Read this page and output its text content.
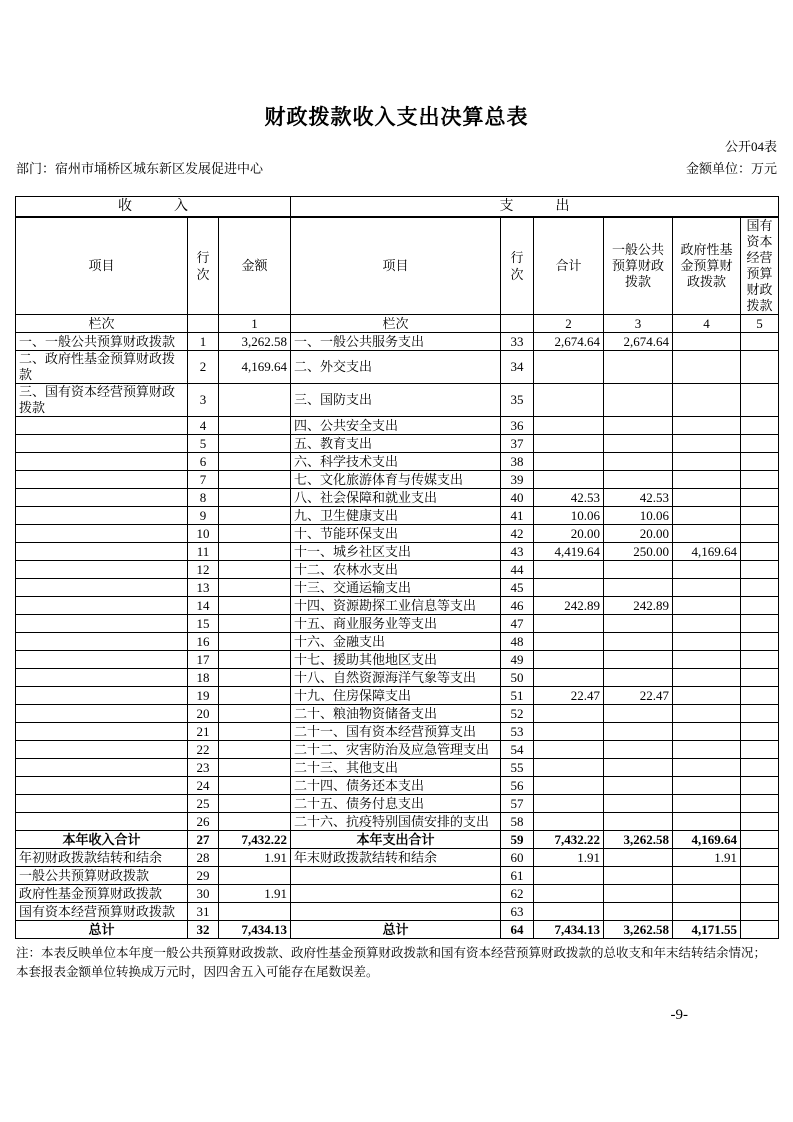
财政拨款收入支出决算总表
公开04表
部门：宿州市埇桥区城东新区发展促进中心	金额单位：万元
收　　　入			支　　　出					
项目	行次	金额	项目	行次	合计	一般公共预算财政拨款	政府性基金预算财政拨款	国有资本经营预算财政拨款
栏次		1	栏次		2	3	4	5
一、一般公共预算财政拨款	1	3,262.58	一、一般公共服务支出	33	2,674.64	2,674.64		
二、政府性基金预算财政拨款	2	4,169.64	二、外交支出	34				
三、国有资本经营预算财政拨款	3		三、国防支出	35				
	4		四、公共安全支出	36				
	5		五、教育支出	37				
	6		六、科学技术支出	38				
	7		七、文化旅游体育与传媒支出	39				
	8		八、社会保障和就业支出	40	42.53	42.53		
	9		九、卫生健康支出	41	10.06	10.06		
	10		十、节能环保支出	42	20.00	20.00		
	11		十一、城乡社区支出	43	4,419.64	250.00	4,169.64	
	12		十二、农林水支出	44				
	13		十三、交通运输支出	45				
	14		十四、资源勘探工业信息等支出	46	242.89	242.89		
	15		十五、商业服务业等支出	47				
	16		十六、金融支出	48				
	17		十七、援助其他地区支出	49				
	18		十八、自然资源海洋气象等支出	50				
	19		十九、住房保障支出	51	22.47	22.47		
	20		二十、粮油物资储备支出	52				
	21		二十一、国有资本经营预算支出	53				
	22		二十二、灾害防治及应急管理支出	54				
	23		二十三、其他支出	55				
	24		二十四、债务还本支出	56				
	25		二十五、债务付息支出	57				
	26		二十六、抗疫特别国债安排的支出	58				
本年收入合计	27	7,432.22	本年支出合计	59	7,432.22	3,262.58	4,169.64	
年初财政拨款结转和结余	28	1.91	年末财政拨款结转和结余	60	1.91		1.91	
一般公共预算财政拨款	29			61				
政府性基金预算财政拨款	30	1.91		62				
国有资本经营预算财政拨款	31			63				
总计	32	7,434.13	总计	64	7,434.13	3,262.58	4,171.55	
注：本表反映单位本年度一般公共预算财政拨款、政府性基金预算财政拨款和国有资本经营预算财政拨款的总收支和年末结转结余情况；
本套报表金额单位转换成万元时，因四舍五入可能存在尾数误差。
-9-
